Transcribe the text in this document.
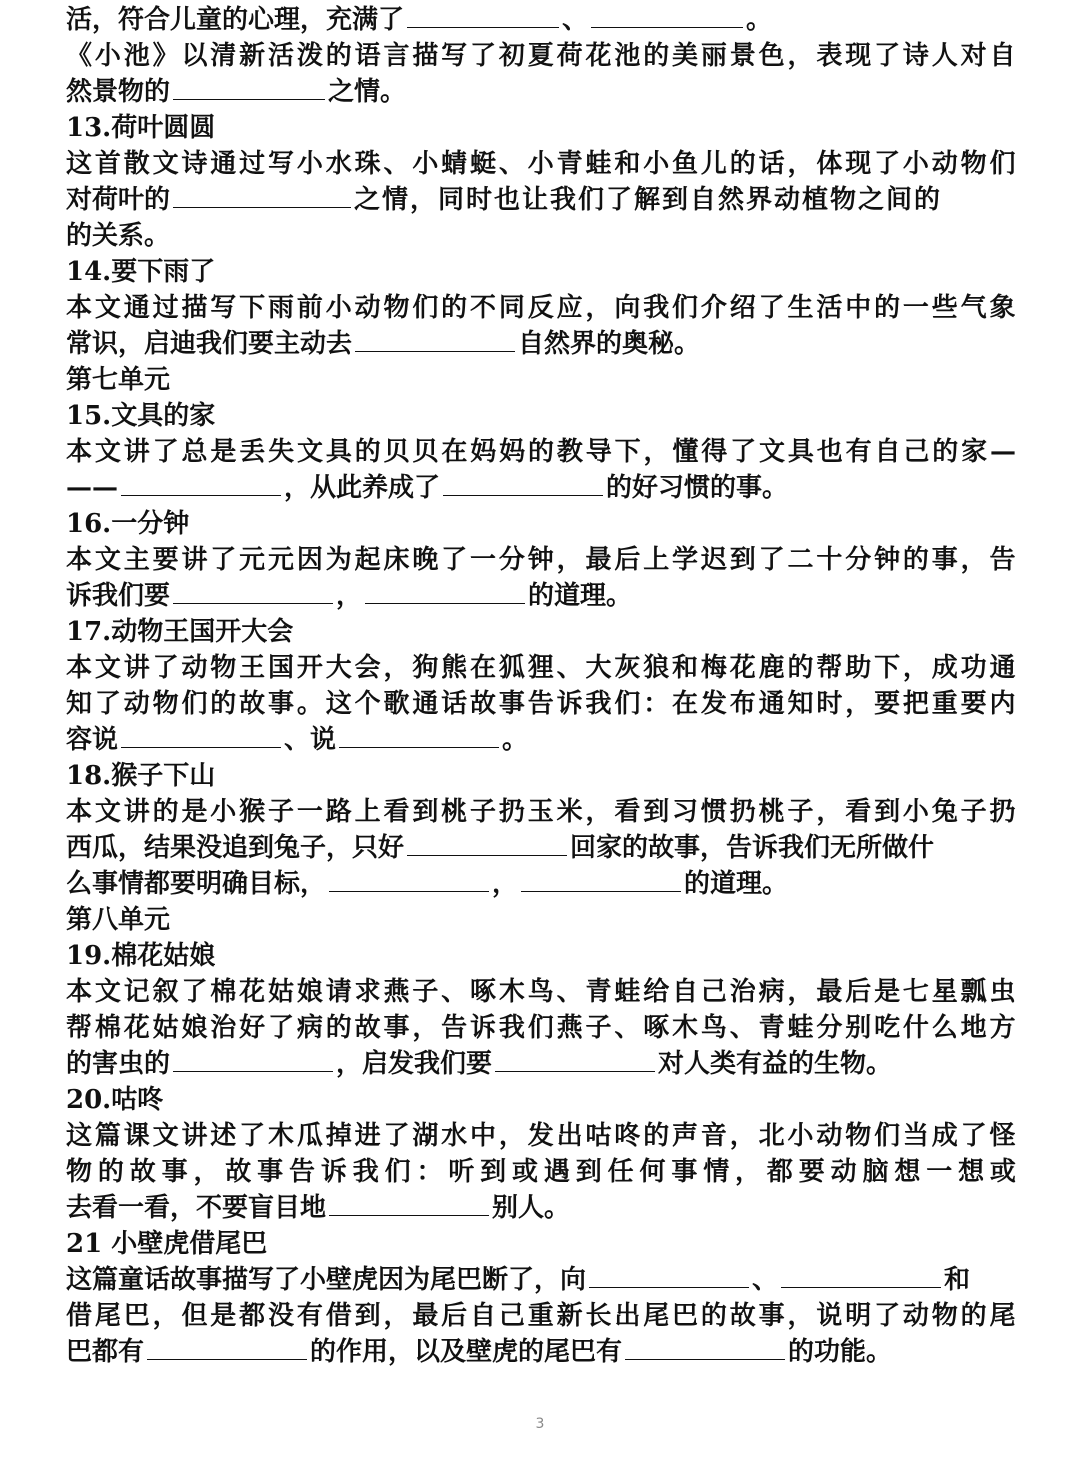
活，符合儿童的心理，充满了	、	。
《 小 池 》 以 清 新 活 泼 的 语 言 描 写 了 初 夏 荷 花 池 的 美 丽 景 色 ， 表 现 了 诗 人 对 自
然景物的	之情。
13.荷叶圆圆
这 首 散 文 诗 通 过 写 小 水 珠 、 小 蜻 蜓 、 小 青 蛙 和 小 鱼 儿 的 话 ， 体 现 了 小 动 物 们
对荷叶的	之情，同时也让我们了解到自然界动植物之间的
的关系。
14.要下雨了
本 文 通 过 描 写 下 雨 前 小 动 物 们 的 不 同 反 应 ， 向 我 们 介 绍 了 生 活 中 的 一 些 气 象
常识，启迪我们要主动去	自然界的奥秘。
第七单元
15.文具的家
本 文 讲 了 总 是 丢 失 文 具 的 贝 贝 在 妈 妈 的 教 导 下 ， 懂 得 了 文 具 也 有 自 己 的 家 —
——	，从此养成了	的好习惯的事。
16.一分钟
本 文 主 要 讲 了 元 元 因 为 起 床 晚 了 一 分 钟 ， 最 后 上 学 迟 到 了 二 十 分 钟 的 事 ， 告
诉我们要	，	的道理。
17.动物王国开大会
本 文 讲 了 动 物 王 国 开 大 会 ， 狗 熊 在 狐 狸 、 大 灰 狼 和 梅 花 鹿 的 帮 助 下 ， 成 功 通
知 了 动 物 们 的 故 事 。 这 个 歌 通 话 故 事 告 诉 我 们 ： 在 发 布 通 知 时 ， 要 把 重 要 内
容说	、说	。
18.猴子下山
本 文 讲 的 是 小 猴 子 一 路 上 看 到 桃 子 扔 玉 米 ， 看 到 习 惯 扔 桃 子 ， 看 到 小 兔 子 扔
西瓜，结果没追到兔子，只好	回家的故事，告诉我们无所做什
么事情都要明确目标，	，	的道理。
第八单元
19.棉花姑娘
本 文 记 叙 了 棉 花 姑 娘 请 求 燕 子 、 啄 木 鸟 、 青 蛙 给 自 己 治 病 ， 最 后 是 七 星 瓢 虫
帮 棉 花 姑 娘 治 好 了 病 的 故 事 ， 告 诉 我 们 燕 子 、 啄 木 鸟 、 青 蛙 分 别 吃 什 么 地 方
的害虫的	，启发我们要	对人类有益的生物。
20.咕咚
这 篇 课 文 讲 述 了 木 瓜 掉 进 了 湖 水 中 ， 发 出 咕 咚 的 声 音 ， 北 小 动 物 们 当 成 了 怪
物 的 故 事 ， 故 事 告 诉 我 们 ： 听 到 或 遇 到 任 何 事 情 ， 都 要 动 脑 想 一 想 或
去看一看，不要盲目地	别人。
21 小壁虎借尾巴
这篇童话故事描写了小壁虎因为尾巴断了，向	、	和
借 尾 巴 ， 但 是 都 没 有 借 到 ， 最 后 自 己 重 新 长 出 尾 巴 的 故 事 ， 说 明 了 动 物 的 尾
巴都有	的作用，以及壁虎的尾巴有	的功能。
3
